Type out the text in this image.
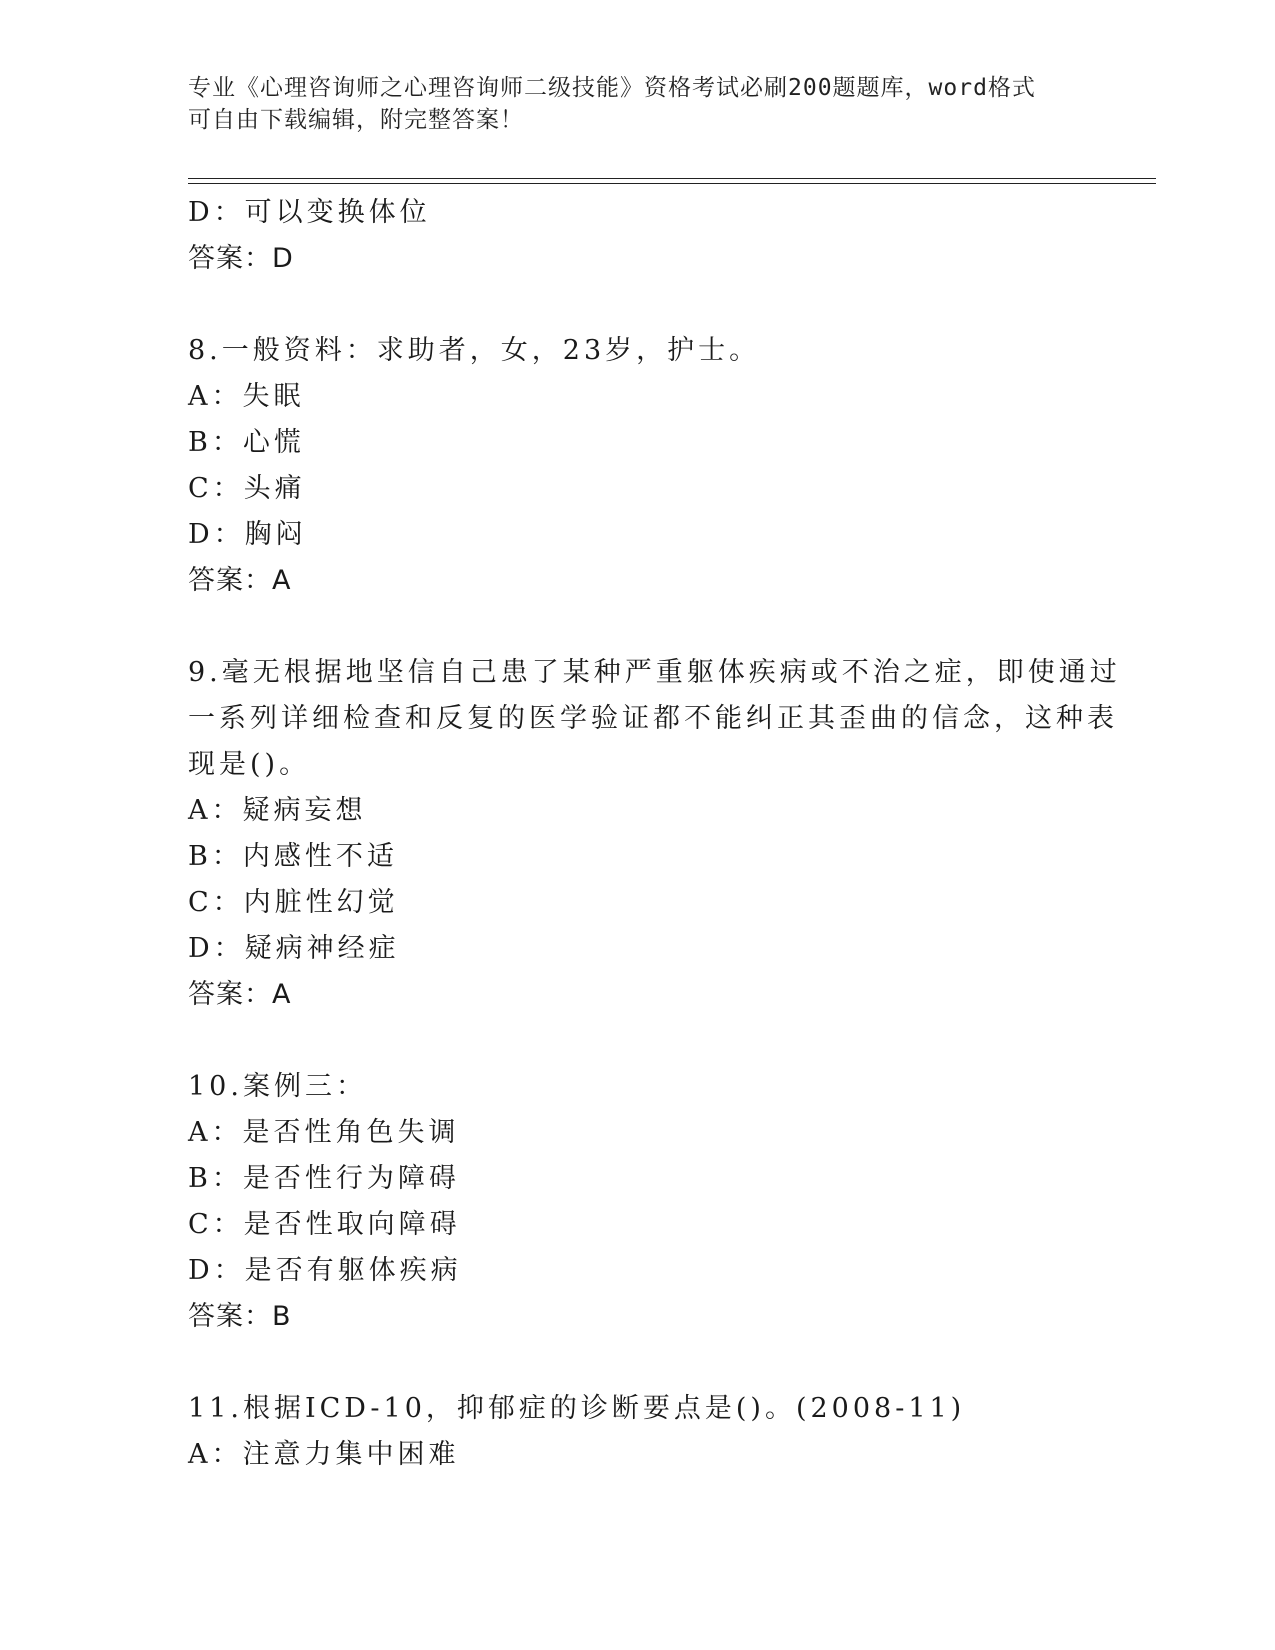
专业《心理咨询师之心理咨询师二级技能》资格考试必刷200题题库，word格式
可自由下载编辑，附完整答案！
D：可以变换体位
答案：D
8.一般资料：求助者，女，23岁，护士。
A：失眠
B：心慌
C：头痛
D：胸闷
答案：A
9.毫无根据地坚信自己患了某种严重躯体疾病或不治之症，即使通过
一系列详细检查和反复的医学验证都不能纠正其歪曲的信念，这种表
现是()。
A：疑病妄想
B：内感性不适
C：内脏性幻觉
D：疑病神经症
答案：A
10.案例三：
A：是否性角色失调
B：是否性行为障碍
C：是否性取向障碍
D：是否有躯体疾病
答案：B
11.根据ICD-10，抑郁症的诊断要点是()。(2008-11)
A：注意力集中困难
